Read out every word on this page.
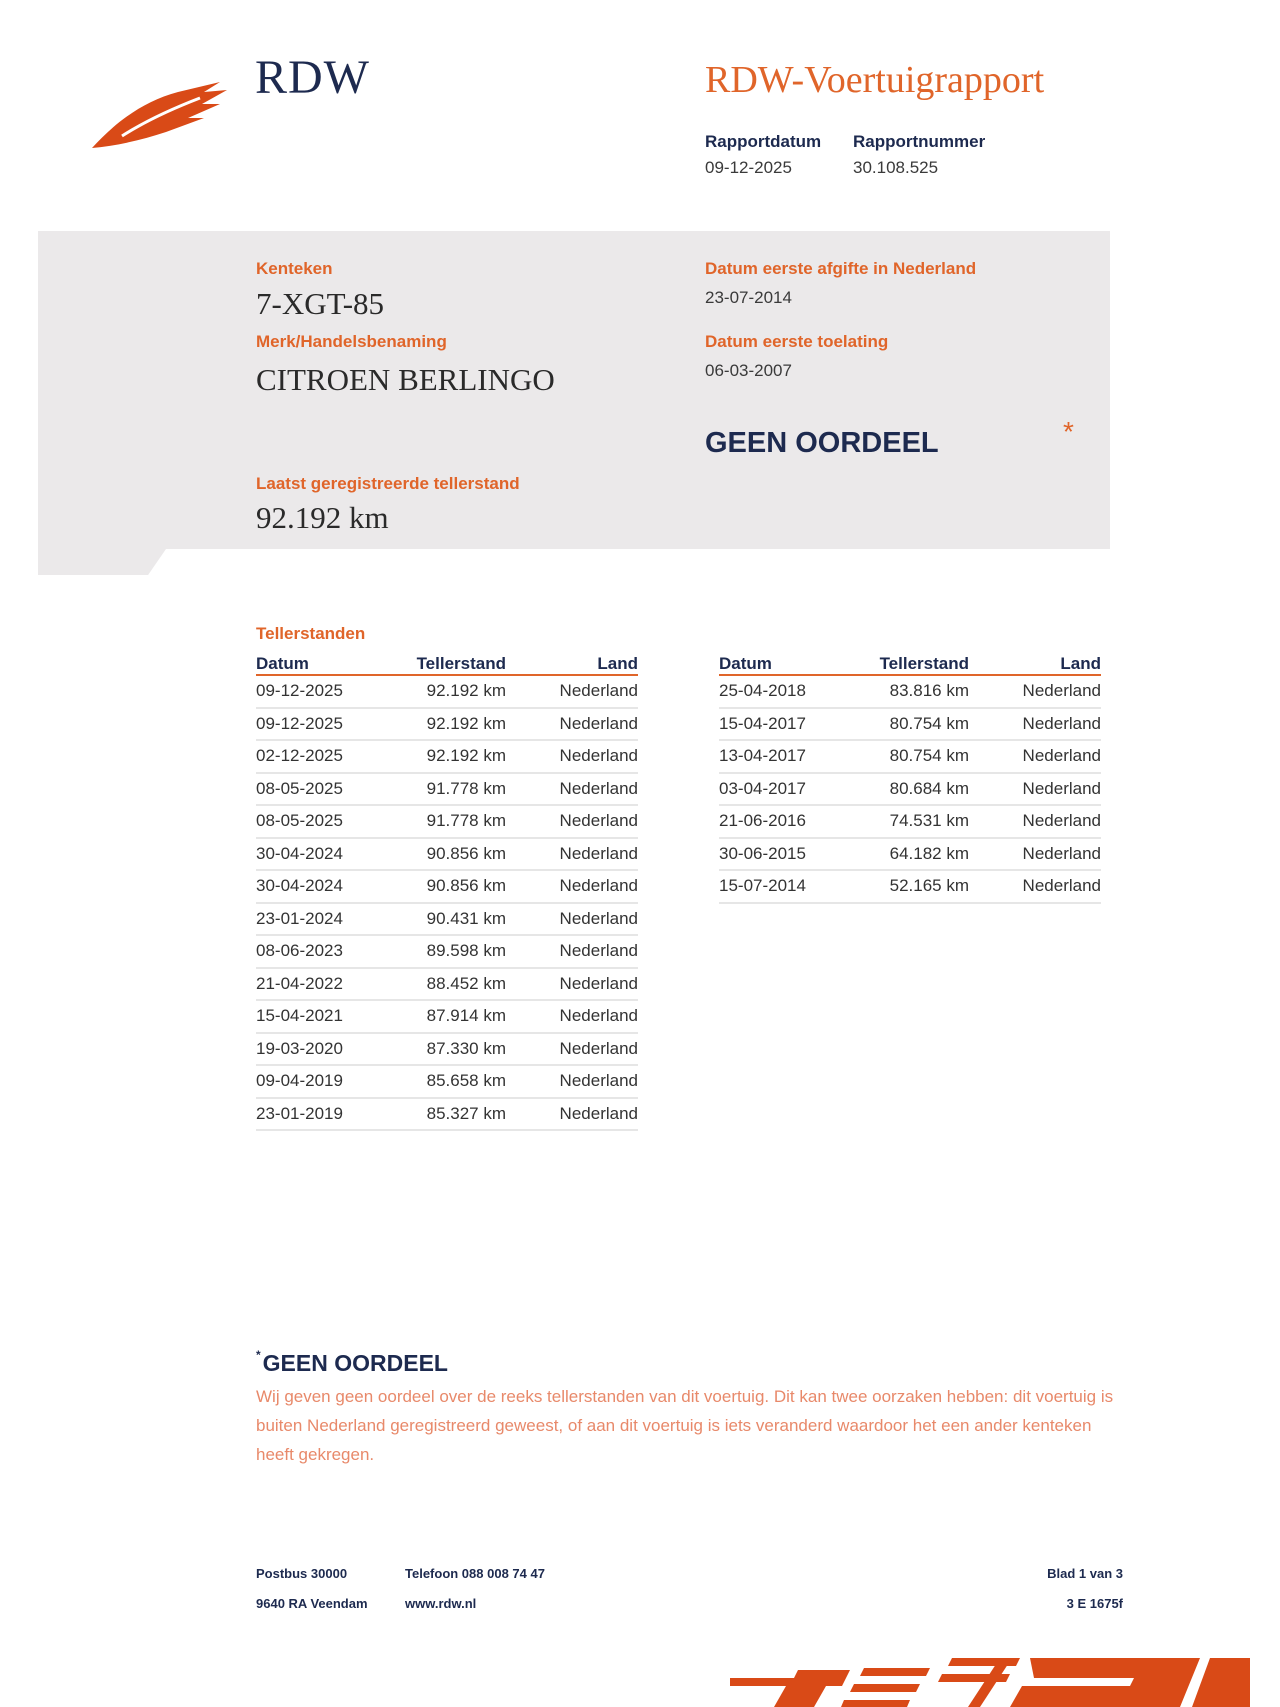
RDW	RDW-Voertuigrapport
Rapportdatum
09-12-2025
Rapportnummer
30.108.525
Kenteken
7-XGT-85
Merk/Handelsbenaming
CITROEN BERLINGO
Datum eerste afgifte in Nederland
23-07-2014
Datum eerste toelating
06-03-2007
GEEN OORDEEL	*
Laatst geregistreerde tellerstand
92.192 km
Tellerstanden
Datum	Tellerstand	Land
09-12-2025	92.192 km	Nederland
09-12-2025	92.192 km	Nederland
02-12-2025	92.192 km	Nederland
08-05-2025	91.778 km	Nederland
08-05-2025	91.778 km	Nederland
30-04-2024	90.856 km	Nederland
30-04-2024	90.856 km	Nederland
23-01-2024	90.431 km	Nederland
08-06-2023	89.598 km	Nederland
21-04-2022	88.452 km	Nederland
15-04-2021	87.914 km	Nederland
19-03-2020	87.330 km	Nederland
09-04-2019	85.658 km	Nederland
23-01-2019	85.327 km	Nederland
Datum	Tellerstand	Land
25-04-2018	83.816 km	Nederland
15-04-2017	80.754 km	Nederland
13-04-2017	80.754 km	Nederland
03-04-2017	80.684 km	Nederland
21-06-2016	74.531 km	Nederland
30-06-2015	64.182 km	Nederland
15-07-2014	52.165 km	Nederland
*GEEN OORDEEL
Wij geven geen oordeel over de reeks tellerstanden van dit voertuig. Dit kan twee oorzaken hebben: dit voertuig is buiten Nederland geregistreerd geweest, of aan dit voertuig is iets veranderd waardoor het een ander kenteken heeft gekregen.
Postbus 30000
9640 RA Veendam
Telefoon 088 008 74 47
www.rdw.nl
Blad 1 van 3
3 E 1675f
